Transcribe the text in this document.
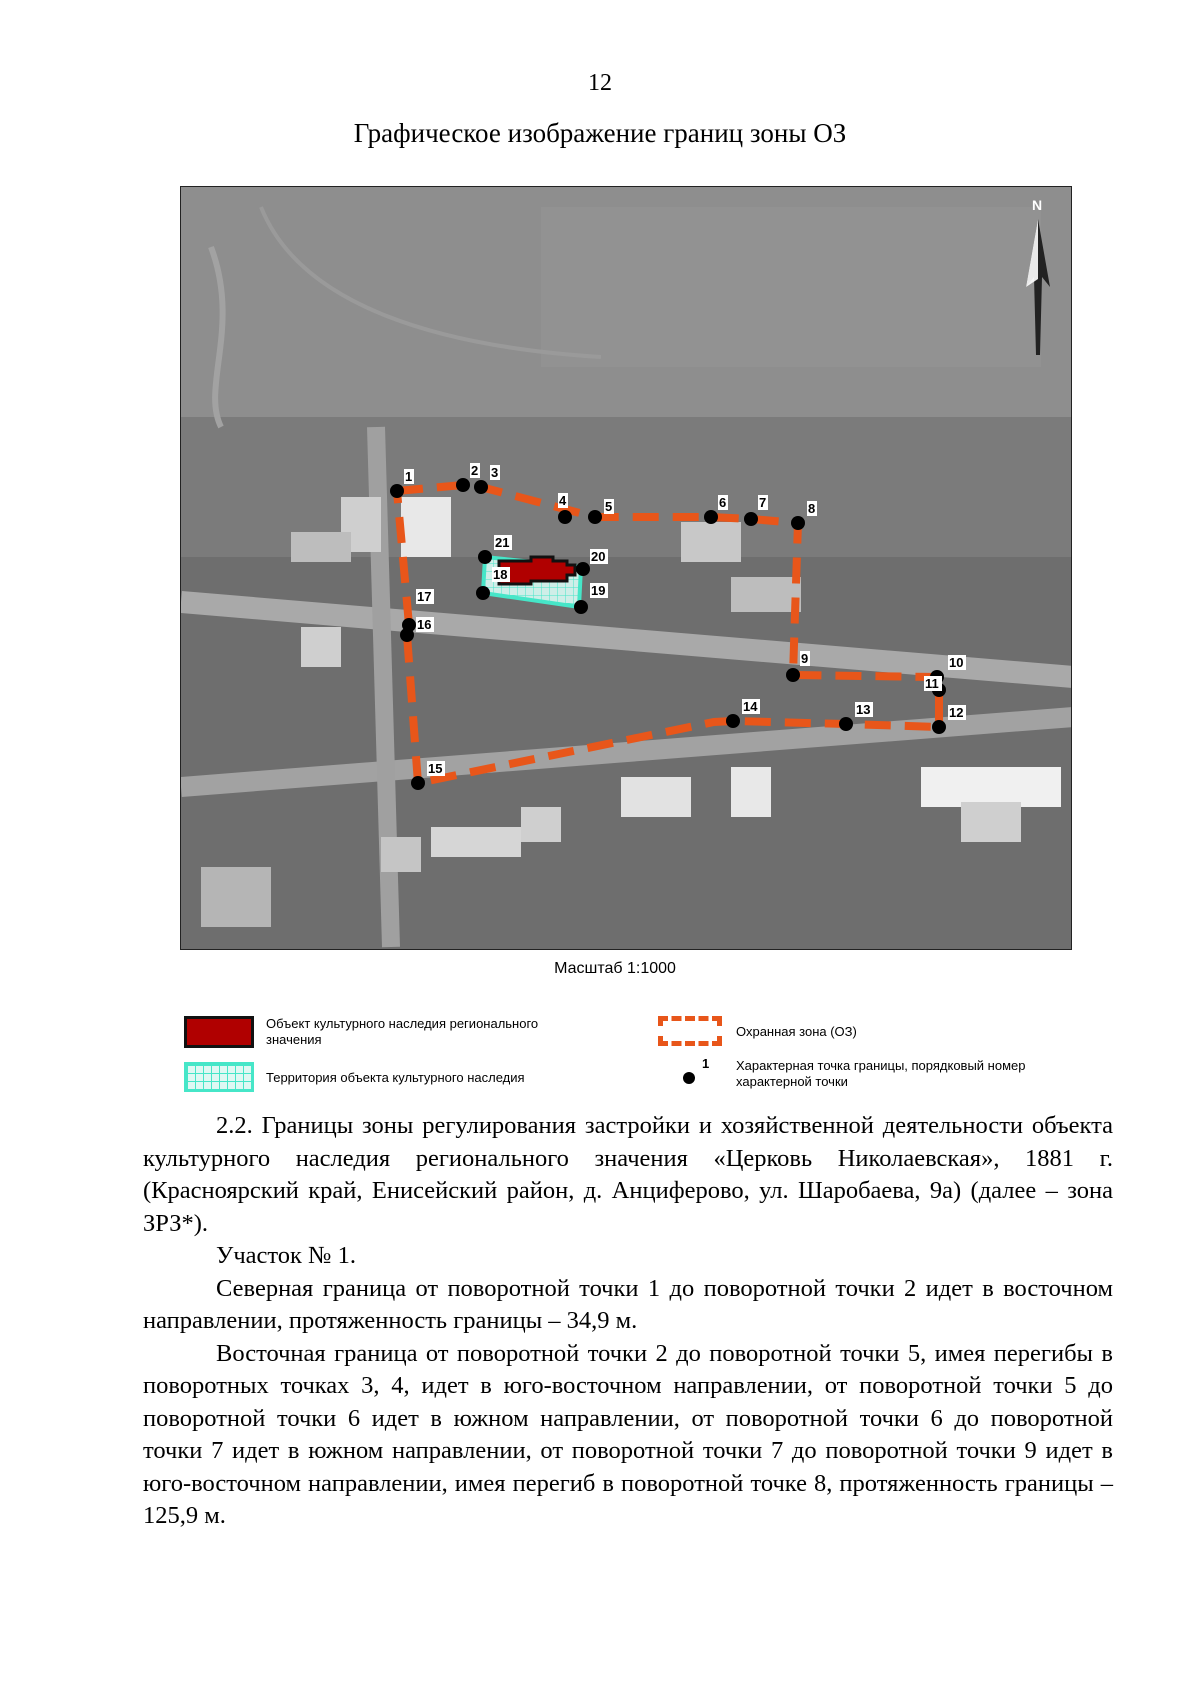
12
Графическое изображение границ зоны ОЗ
N
1	2 3
4	5	6	7	8
9	10
11
12
13
14
15
16
17
18
19
20
21
Масштаб 1:1000
Объект культурного наследия регионального значения
Территория объекта культурного наследия
Охранная зона (ОЗ)
1 Характерная точка границы, порядковый номер характерной точки

2.2. Границы зоны регулирования застройки и хозяйственной деятельности объекта культурного наследия регионального значения «Церковь Николаевская», 1881 г. (Красноярский край, Енисейский район, д. Анциферово, ул. Шаробаева, 9а) (далее – зона ЗРЗ*).

Участок № 1.

Северная граница от поворотной точки 1 до поворотной точки 2 идет в восточном направлении, протяженность границы – 34,9 м.

Восточная граница от поворотной точки 2 до поворотной точки 5, имея перегибы в поворотных точках 3, 4, идет в юго-восточном направлении, от поворотной точки 5 до поворотной точки 6 идет в южном направлении, от поворотной точки 6 до поворотной точки 7 идет в южном направлении, от поворотной точки 7 до поворотной точки 9 идет в юго-восточном направлении, имея перегиб в поворотной точке 8, протяженность границы – 125,9 м.
